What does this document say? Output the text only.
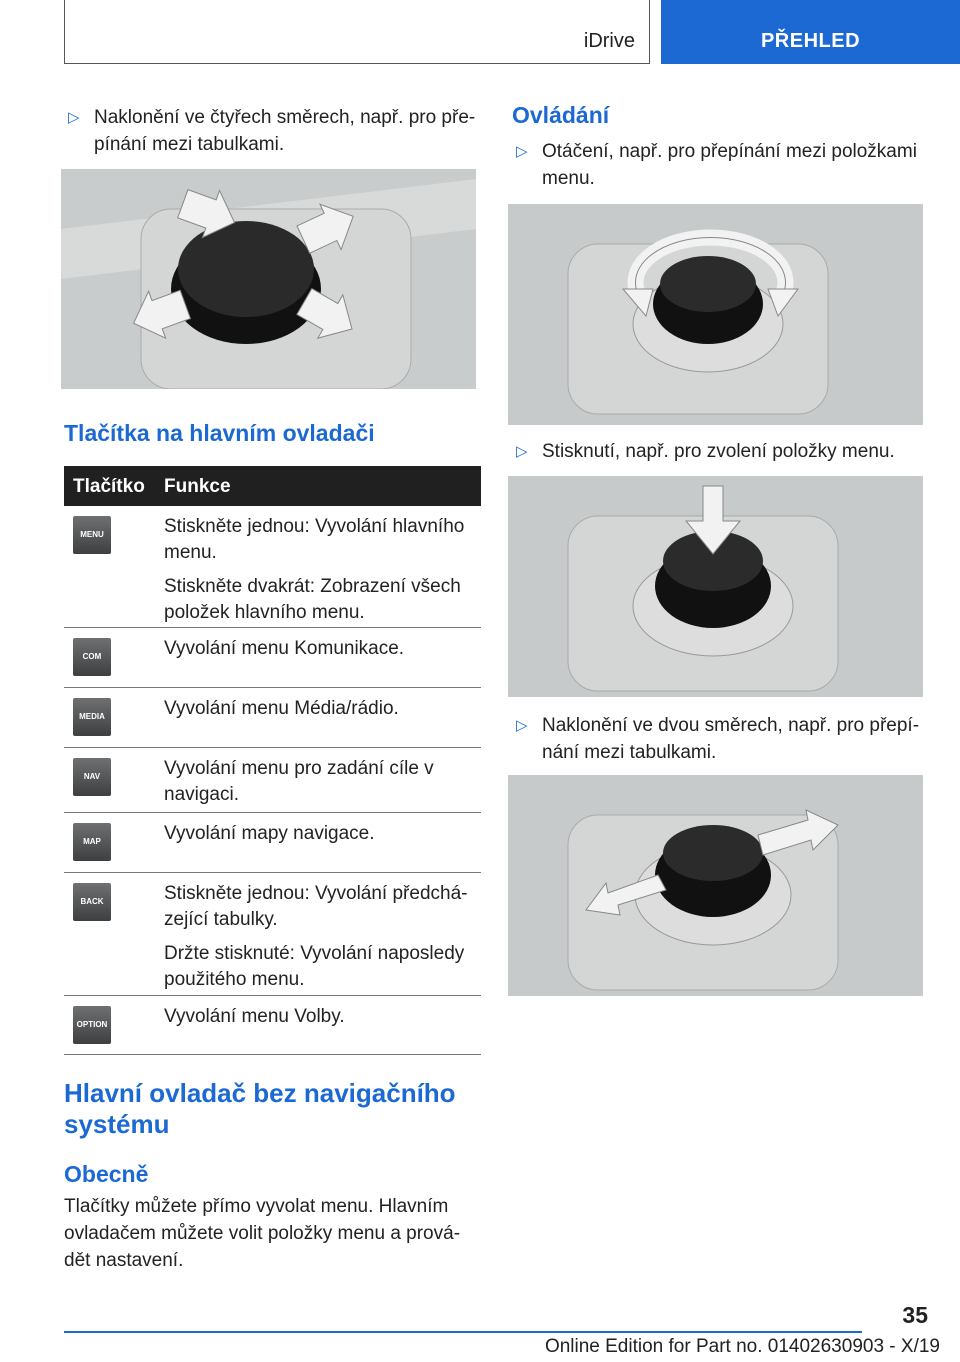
iDrive	PŘEHLED
▷ Naklonění ve čtyřech směrech, např. pro přepínání mezi tabulkami.
Tlačítka na hlavním ovladači
Tlačítko Funkce
MENU	Stiskněte jednou: Vyvolání hlavního menu.

Stiskněte dvakrát: Zobrazení všech položek hlavního menu.

COM	Vyvolání menu Komunikace.

MEDIA	Vyvolání menu Média/rádio.

NAV	Vyvolání menu pro zadání cíle v navigaci.

MAP	Vyvolání mapy navigace.

BACK	Stiskněte jednou: Vyvolání předcházející tabulky.

Držte stisknuté: Vyvolání naposledy použitého menu.

OPTION	Vyvolání menu Volby.

Hlavní ovladač bez navigačního systému
Obecně
Tlačítky můžete přímo vyvolat menu. Hlavním ovladačem můžete volit položky menu a provádět nastavení.
Ovládání
▷ Otáčení, např. pro přepínání mezi položkami menu.
▷ Stisknutí, např. pro zvolení položky menu.
▷ Naklonění ve dvou směrech, např. pro přepínání mezi tabulkami.
35
Online Edition for Part no. 01402630903 - X/19
